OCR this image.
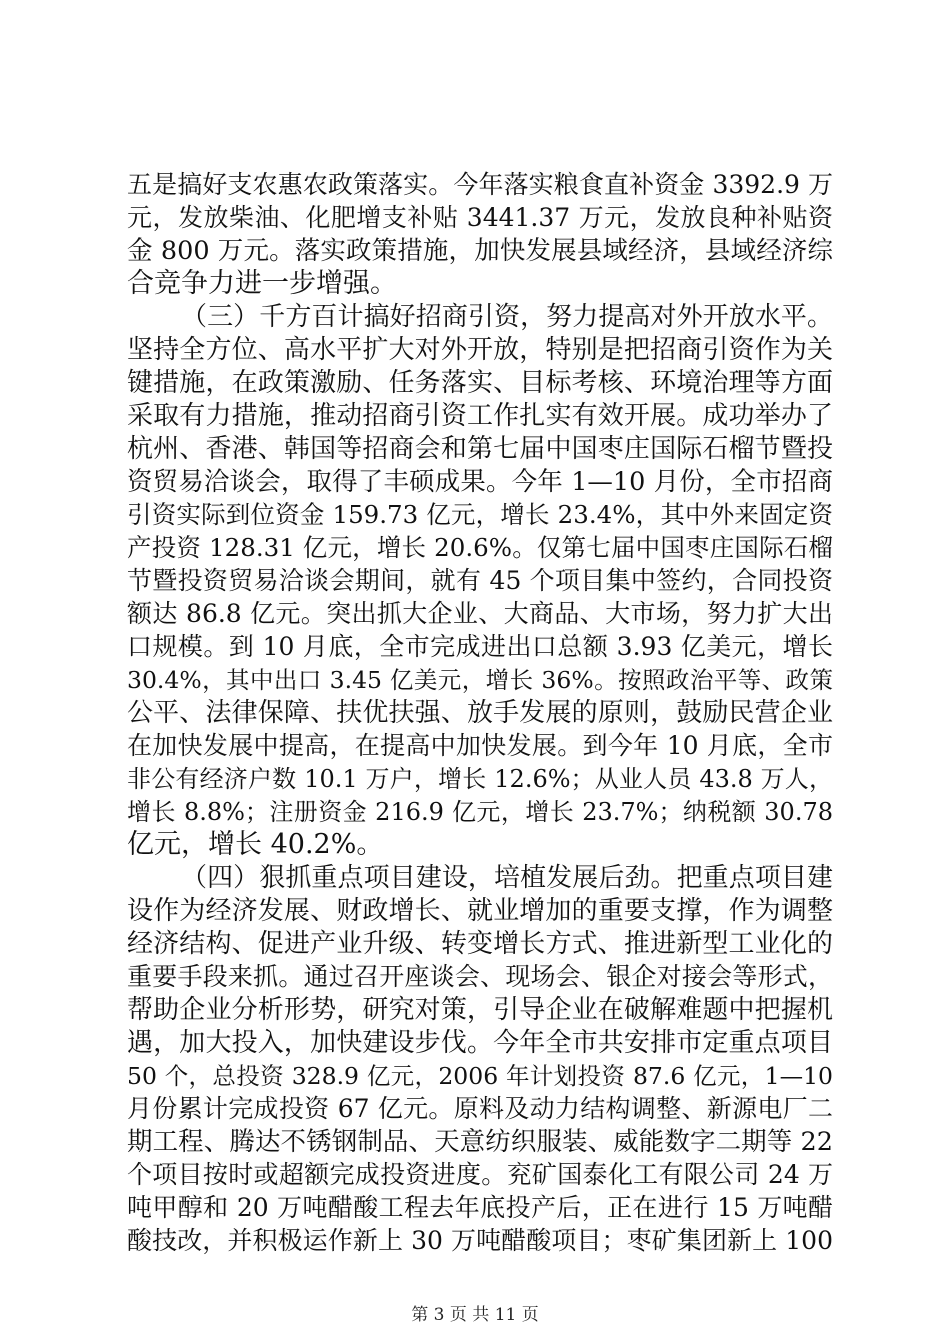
五是搞好支农惠农政策落实。今年落实粮食直补资金 3392.9 万
元，发放柴油、化肥增支补贴 3441.37 万元，发放良种补贴资
金 800 万元。落实政策措施，加快发展县域经济，县域经济综
合竞争力进一步增强。
（三）千方百计搞好招商引资，努力提高对外开放水平。
坚持全方位、高水平扩大对外开放，特别是把招商引资作为关
键措施，在政策激励、任务落实、目标考核、环境治理等方面
采取有力措施，推动招商引资工作扎实有效开展。成功举办了
杭州、香港、韩国等招商会和第七届中国枣庄国际石榴节暨投
资贸易洽谈会，取得了丰硕成果。今年 1—10 月份，全市招商
引资实际到位资金 159.73 亿元，增长 23.4%，其中外来固定资
产投资 128.31 亿元，增长 20.6%。仅第七届中国枣庄国际石榴
节暨投资贸易洽谈会期间，就有 45 个项目集中签约，合同投资
额达 86.8 亿元。突出抓大企业、大商品、大市场，努力扩大出
口规模。到 10 月底，全市完成进出口总额 3.93 亿美元，增长
30.4%，其中出口 3.45 亿美元，增长 36%。按照政治平等、政策
公平、法律保障、扶优扶强、放手发展的原则，鼓励民营企业
在加快发展中提高，在提高中加快发展。到今年 10 月底，全市
非公有经济户数 10.1 万户，增长 12.6%；从业人员 43.8 万人，
增长 8.8%；注册资金 216.9 亿元，增长 23.7%；纳税额 30.78
亿元，增长 40.2%。
（四）狠抓重点项目建设，培植发展后劲。把重点项目建
设作为经济发展、财政增长、就业增加的重要支撑，作为调整
经济结构、促进产业升级、转变增长方式、推进新型工业化的
重要手段来抓。通过召开座谈会、现场会、银企对接会等形式，
帮助企业分析形势，研究对策，引导企业在破解难题中把握机
遇，加大投入，加快建设步伐。今年全市共安排市定重点项目
50 个，总投资 328.9 亿元，2006 年计划投资 87.6 亿元，1—10
月份累计完成投资 67 亿元。原料及动力结构调整、新源电厂二
期工程、腾达不锈钢制品、天意纺织服装、威能数字二期等 22
个项目按时或超额完成投资进度。兖矿国泰化工有限公司 24 万
吨甲醇和 20 万吨醋酸工程去年底投产后，正在进行 15 万吨醋
酸技改，并积极运作新上 30 万吨醋酸项目；枣矿集团新上 100
第 3 页 共 11 页
